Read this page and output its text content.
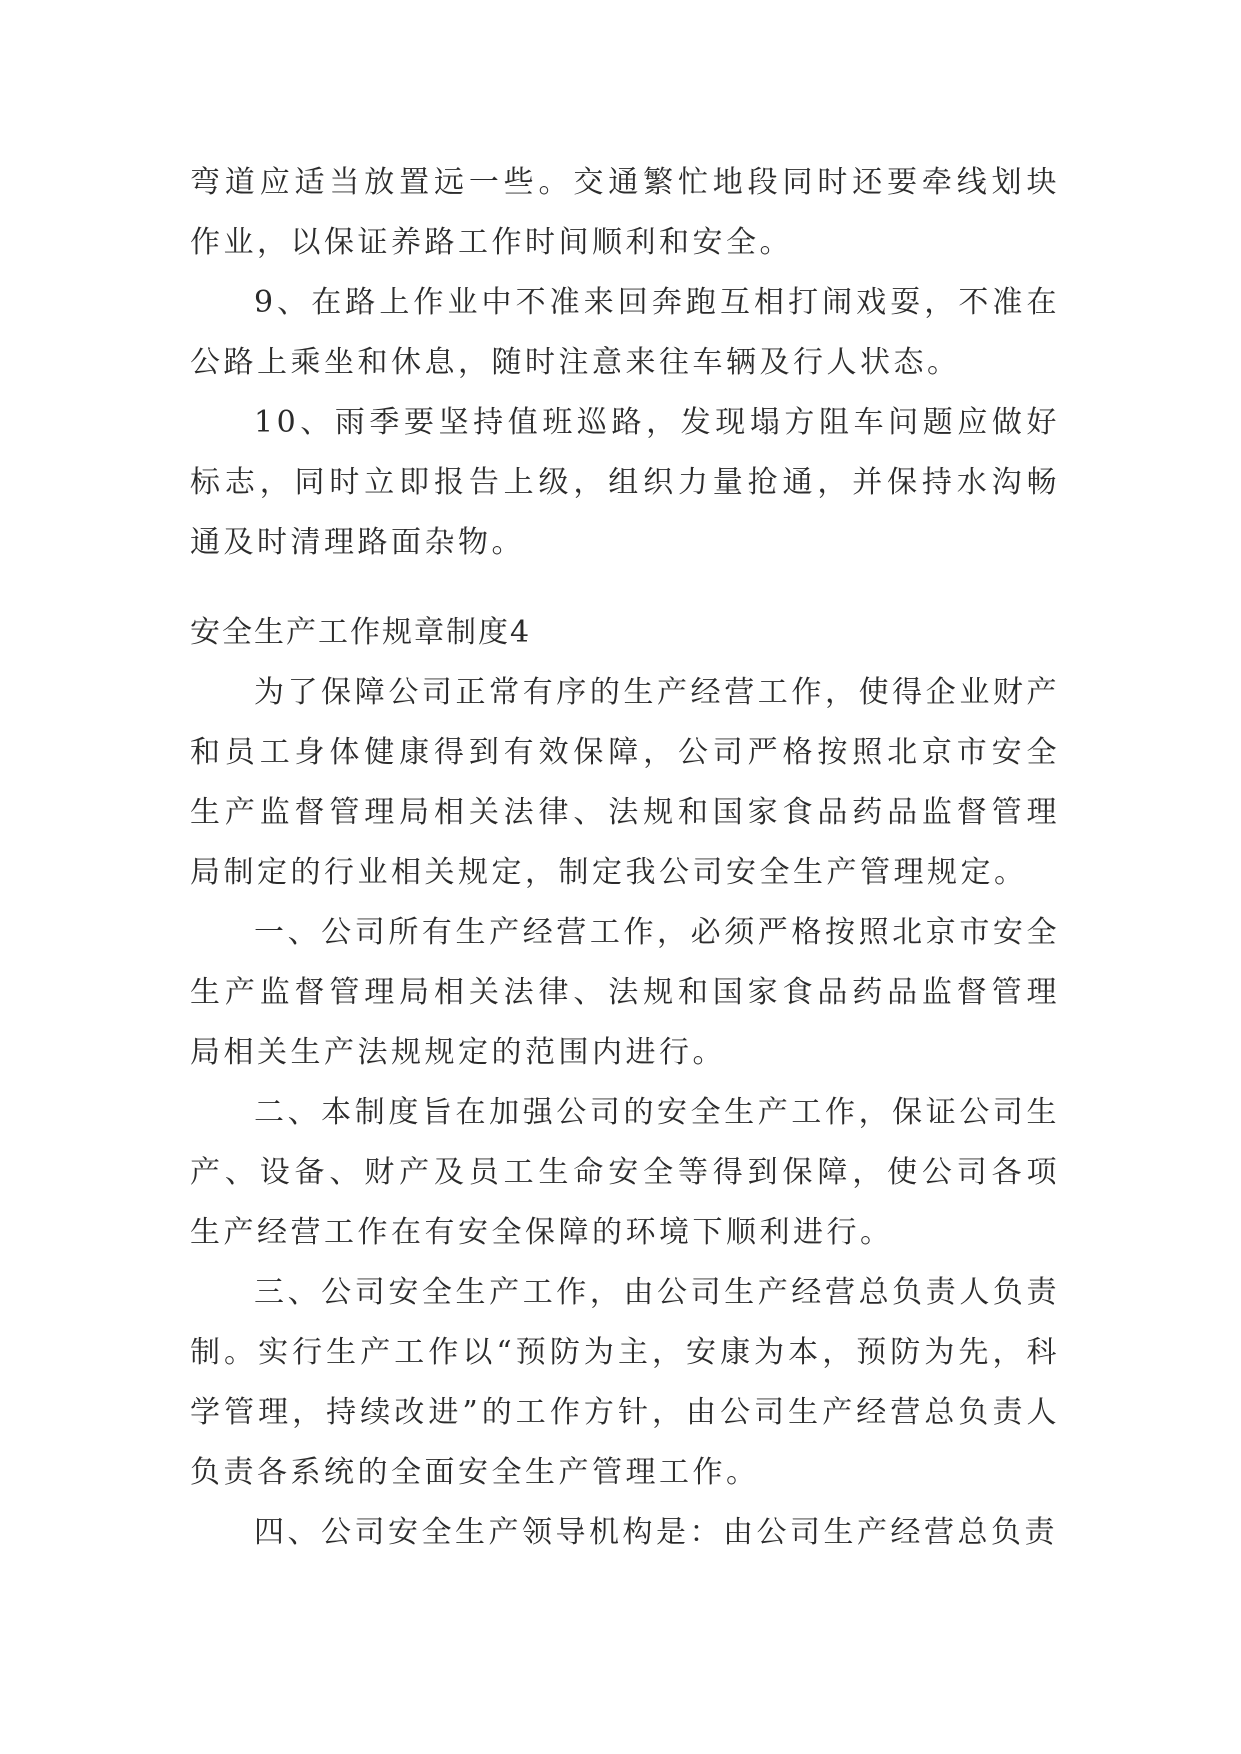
弯道应适当放置远一些。交通繁忙地段同时还要牵线划块作业，以保证养路工作时间顺利和安全。

9、在路上作业中不准来回奔跑互相打闹戏耍，不准在公路上乘坐和休息，随时注意来往车辆及行人状态。

10、雨季要坚持值班巡路，发现塌方阻车问题应做好标志，同时立即报告上级，组织力量抢通，并保持水沟畅通及时清理路面杂物。

安全生产工作规章制度4

为了保障公司正常有序的生产经营工作，使得企业财产和员工身体健康得到有效保障，公司严格按照北京市安全生产监督管理局相关法律、法规和国家食品药品监督管理局制定的行业相关规定，制定我公司安全生产管理规定。

一、公司所有生产经营工作，必须严格按照北京市安全生产监督管理局相关法律、法规和国家食品药品监督管理局相关生产法规规定的范围内进行。

二、本制度旨在加强公司的安全生产工作，保证公司生产、设备、财产及员工生命安全等得到保障，使公司各项生产经营工作在有安全保障的环境下顺利进行。

三、公司安全生产工作，由公司生产经营总负责人负责制。实行生产工作以“预防为主，安康为本，预防为先，科学管理，持续改进”的工作方针，由公司生产经营总负责人负责各系统的全面安全生产管理工作。

四、公司安全生产领导机构是：由公司生产经营总负责
